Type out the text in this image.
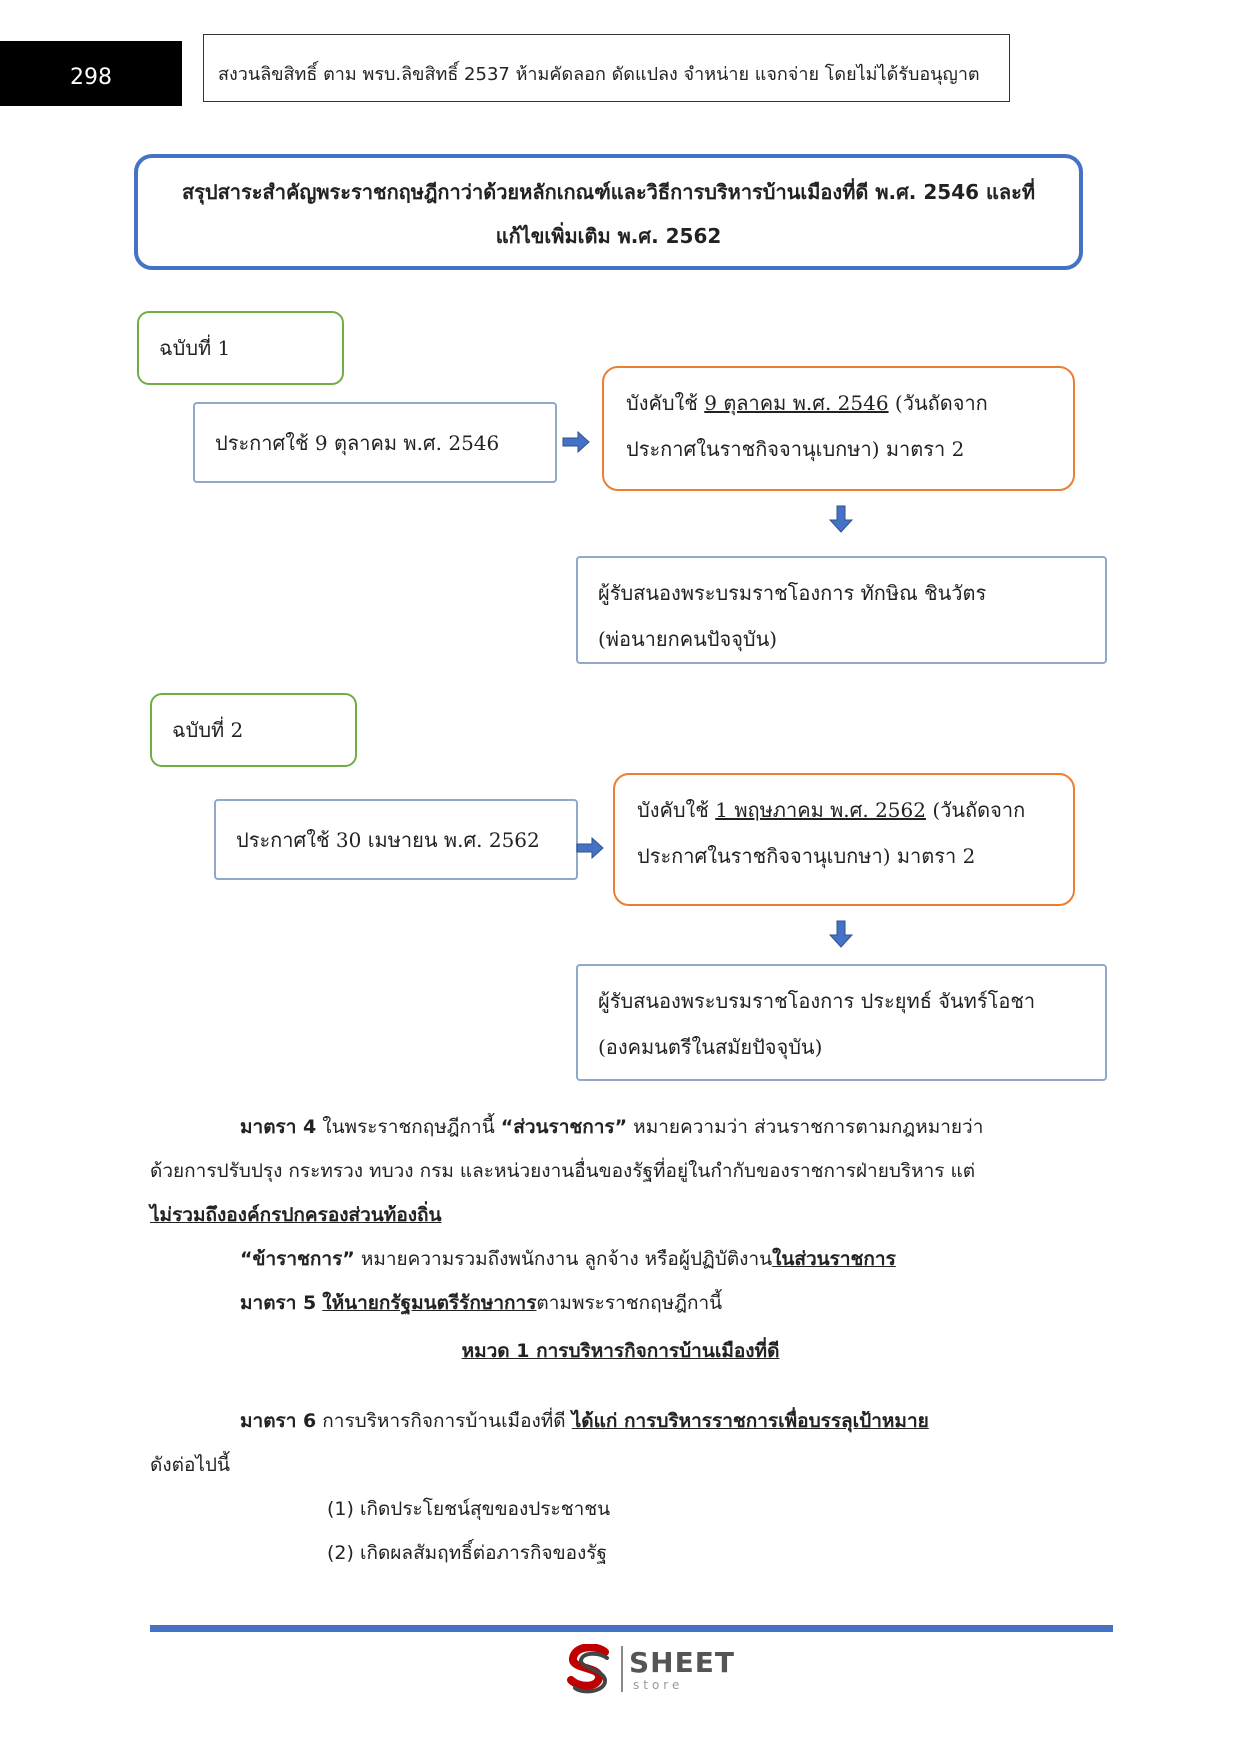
298	สงวนลิขสิทธิ์ ตาม พรบ.ลิขสิทธิ์ 2537 ห้ามคัดลอก ดัดแปลง จำหน่าย แจกจ่าย โดยไม่ได้รับอนุญาต
สรุปสาระสำคัญพระราชกฤษฎีกาว่าด้วยหลักเกณฑ์และวิธีการบริหารบ้านเมืองที่ดี พ.ศ. 2546 และที่
แก้ไขเพิ่มเติม พ.ศ. 2562
ฉบับที่ 1
ประกาศใช้ 9 ตุลาคม พ.ศ. 2546
บังคับใช้ 9 ตุลาคม พ.ศ. 2546 (วันถัดจาก
ประกาศในราชกิจจานุเบกษา) มาตรา 2
ผู้รับสนองพระบรมราชโองการ ทักษิณ ชินวัตร
(พ่อนายกคนปัจจุบัน)
ฉบับที่ 2
ประกาศใช้ 30 เมษายน พ.ศ. 2562
บังคับใช้ 1 พฤษภาคม พ.ศ. 2562 (วันถัดจาก
ประกาศในราชกิจจานุเบกษา) มาตรา 2
ผู้รับสนองพระบรมราชโองการ ประยุทธ์ จันทร์โอชา
(องคมนตรีในสมัยปัจจุบัน)
มาตรา 4 ในพระราชกฤษฎีกานี้ “ส่วนราชการ” หมายความว่า ส่วนราชการตามกฎหมายว่า
ด้วยการปรับปรุง กระทรวง ทบวง กรม และหน่วยงานอื่นของรัฐที่อยู่ในกำกับของราชการฝ่ายบริหาร แต่
ไม่รวมถึงองค์กรปกครองส่วนท้องถิ่น
“ข้าราชการ” หมายความรวมถึงพนักงาน ลูกจ้าง หรือผู้ปฏิบัติงานในส่วนราชการ
มาตรา 5 ให้นายกรัฐมนตรีรักษาการตามพระราชกฤษฎีกานี้
หมวด 1 การบริหารกิจการบ้านเมืองที่ดี
มาตรา 6 การบริหารกิจการบ้านเมืองที่ดี ได้แก่ การบริหารราชการเพื่อบรรลุเป้าหมาย
ดังต่อไปนี้
(1) เกิดประโยชน์สุขของประชาชน
(2) เกิดผลสัมฤทธิ์ต่อภารกิจของรัฐ
SHEET
store
